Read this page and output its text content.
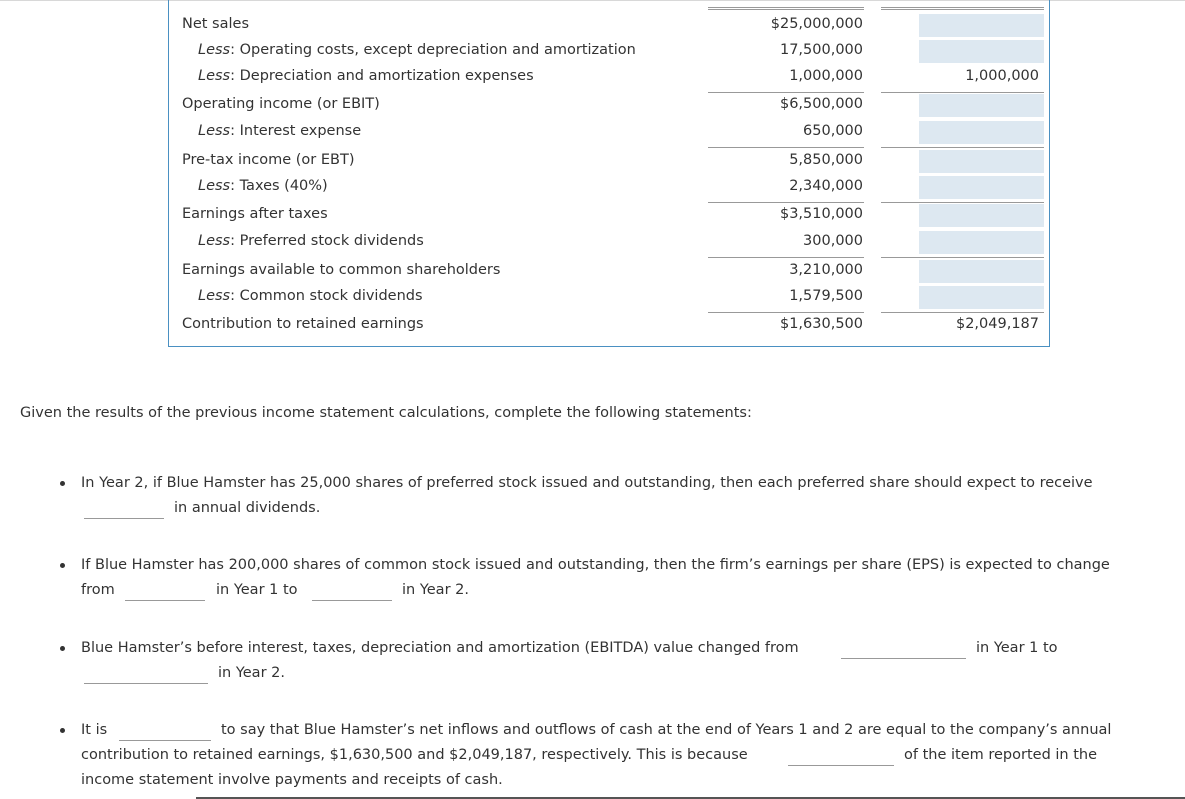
Net sales	$25,000,000
Less: Operating costs, except depreciation and amortization	17,500,000
Less: Depreciation and amortization expenses	1,000,000	1,000,000
Operating income (or EBIT)	$6,500,000
Less: Interest expense	650,000
Pre-tax income (or EBT)	5,850,000
Less: Taxes (40%)	2,340,000
Earnings after taxes	$3,510,000
Less: Preferred stock dividends	300,000
Earnings available to common shareholders	3,210,000
Less: Common stock dividends	1,579,500
Contribution to retained earnings	$1,630,500	$2,049,187
Given the results of the previous income statement calculations, complete the following statements:
In Year 2, if Blue Hamster has 25,000 shares of preferred stock issued and outstanding, then each preferred share should expect to receive
in annual dividends.
If Blue Hamster has 200,000 shares of common stock issued and outstanding, then the firm’s earnings per share (EPS) is expected to change
from	in Year 1 to	in Year 2.
Blue Hamster’s before interest, taxes, depreciation and amortization (EBITDA) value changed from	in Year 1 to
in Year 2.
It is	to say that Blue Hamster’s net inflows and outflows of cash at the end of Years 1 and 2 are equal to the company’s annual
contribution to retained earnings, $1,630,500 and $2,049,187, respectively. This is because	of the item reported in the
income statement involve payments and receipts of cash.
